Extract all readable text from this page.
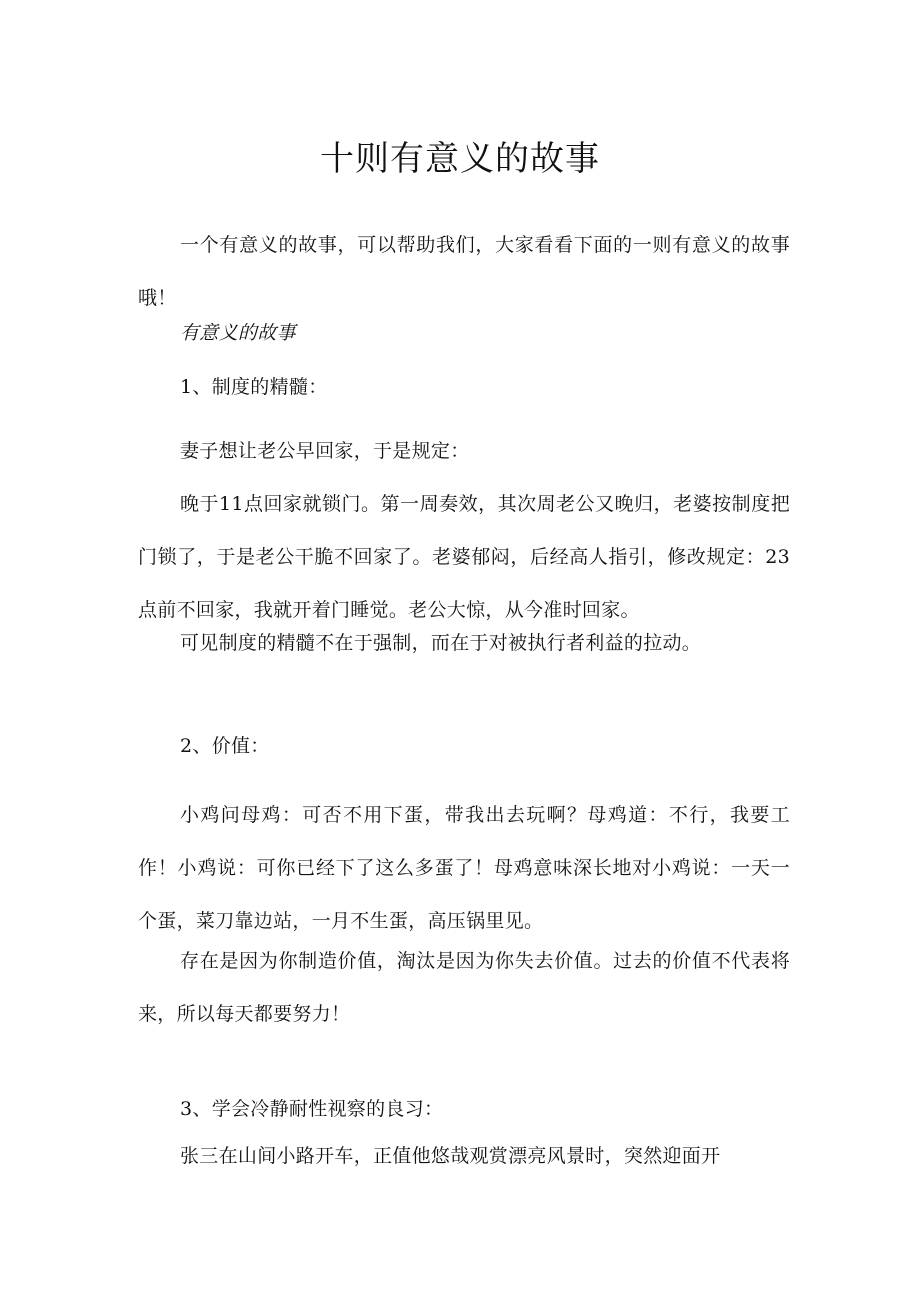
十则有意义的故事

一个有意义的故事，可以帮助我们，大家看看下面的一则有意义的故事哦！

有意义的故事

1、制度的精髓：

妻子想让老公早回家，于是规定：

晚于11点回家就锁门。第一周奏效，其次周老公又晚归，老婆按制度把门锁了，于是老公干脆不回家了。老婆郁闷，后经高人指引，修改规定：23点前不回家，我就开着门睡觉。老公大惊，从今准时回家。

可见制度的精髓不在于强制，而在于对被执行者利益的拉动。

2、价值：

小鸡问母鸡：可否不用下蛋，带我出去玩啊？母鸡道：不行，我要工作！小鸡说：可你已经下了这么多蛋了！母鸡意味深长地对小鸡说：一天一个蛋，菜刀靠边站，一月不生蛋，高压锅里见。

存在是因为你制造价值，淘汰是因为你失去价值。过去的价值不代表将来，所以每天都要努力！

3、学会冷静耐性视察的良习：

张三在山间小路开车，正值他悠哉观赏漂亮风景时，突然迎面开
